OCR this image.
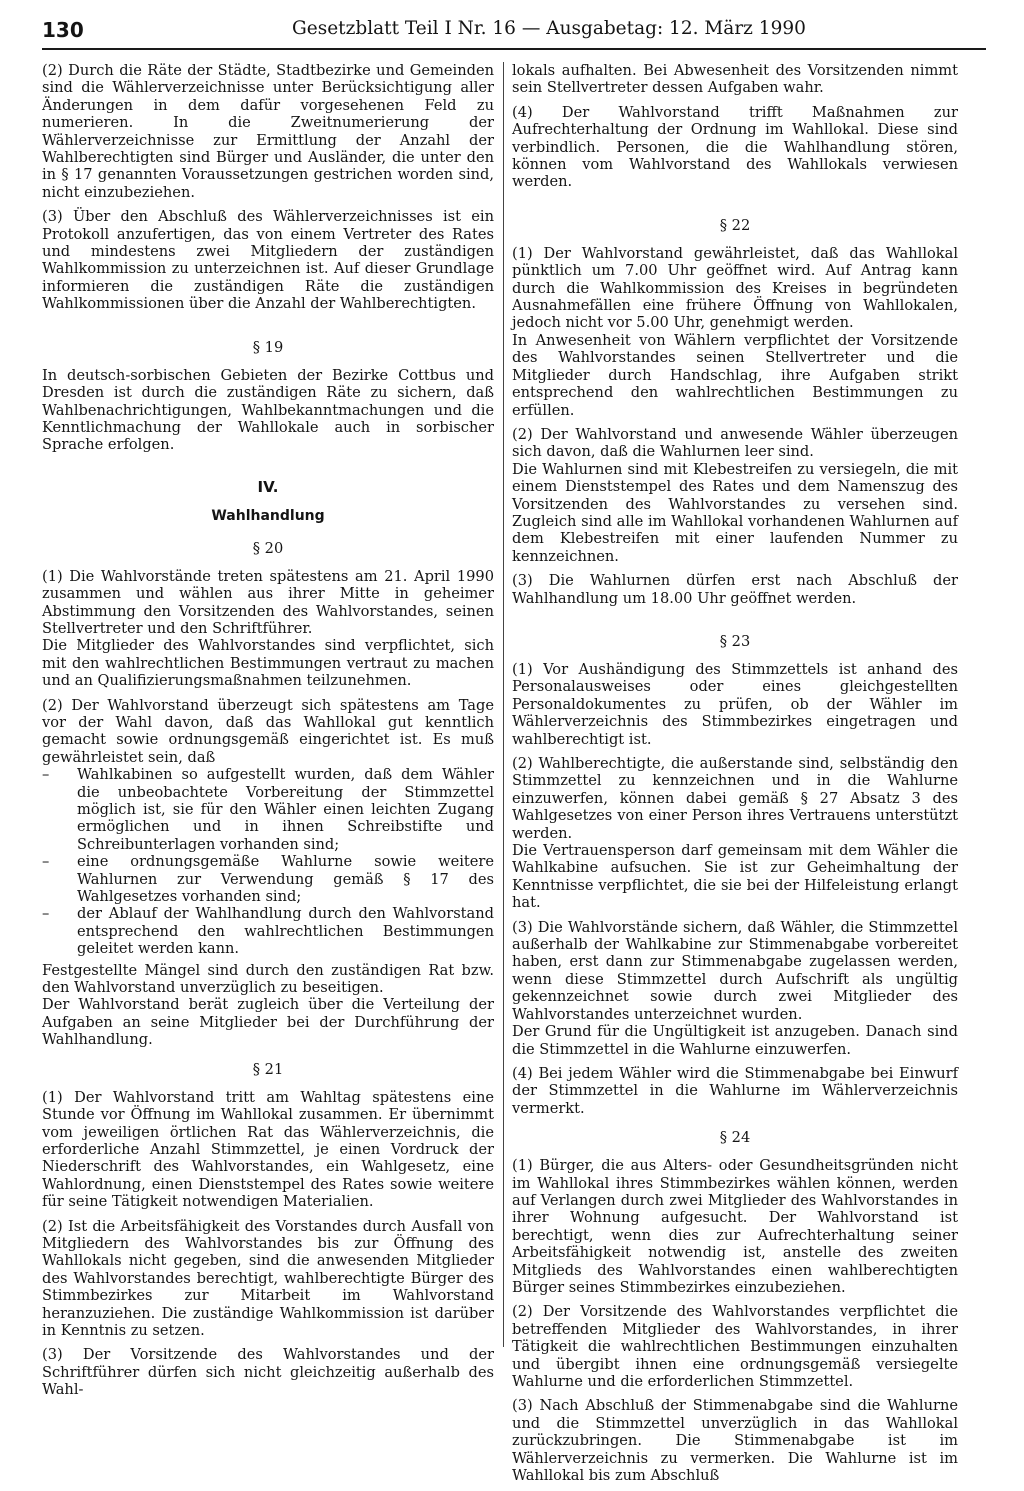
130	Gesetzblatt Teil I Nr. 16 — Ausgabetag: 12. März 1990

(2) Durch die Räte der Städte, Stadtbezirke und Gemeinden sind die Wählerverzeichnisse unter Berücksichtigung aller Änderungen in dem dafür vorgesehenen Feld zu numerieren. In die Zweitnumerierung der Wählerverzeichnisse zur Ermittlung der Anzahl der Wahlberechtigten sind Bürger und Ausländer, die unter den in § 17 genannten Voraussetzungen gestrichen worden sind, nicht einzubeziehen.

(3) Über den Abschluß des Wählerverzeichnisses ist ein Protokoll anzufertigen, das von einem Vertreter des Rates und mindestens zwei Mitgliedern der zuständigen Wahlkommission zu unterzeichnen ist. Auf dieser Grundlage informieren die zuständigen Räte die zuständigen Wahlkommissionen über die Anzahl der Wahlberechtigten.

§ 19

In deutsch-sorbischen Gebieten der Bezirke Cottbus und Dresden ist durch die zuständigen Räte zu sichern, daß Wahlbenachrichtigungen, Wahlbekanntmachungen und die Kenntlichmachung der Wahllokale auch in sorbischer Sprache erfolgen.

IV.
Wahlhandlung
§ 20

(1) Die Wahlvorstände treten spätestens am 21. April 1990 zusammen und wählen aus ihrer Mitte in geheimer Abstimmung den Vorsitzenden des Wahlvorstandes, seinen Stellvertreter und den Schriftführer.

Die Mitglieder des Wahlvorstandes sind verpflichtet, sich mit den wahlrechtlichen Bestimmungen vertraut zu machen und an Qualifizierungsmaßnahmen teilzunehmen.

(2) Der Wahlvorstand überzeugt sich spätestens am Tage vor der Wahl davon, daß das Wahllokal gut kenntlich gemacht sowie ordnungsgemäß eingerichtet ist. Es muß gewährleistet sein, daß

– Wahlkabinen so aufgestellt wurden, daß dem Wähler die unbeobachtete Vorbereitung der Stimmzettel möglich ist, sie für den Wähler einen leichten Zugang ermöglichen und in ihnen Schreibstifte und Schreibunterlagen vorhanden sind;
– eine ordnungsgemäße Wahlurne sowie weitere Wahlurnen zur Verwendung gemäß § 17 des Wahlgesetzes vorhanden sind;
– der Ablauf der Wahlhandlung durch den Wahlvorstand entsprechend den wahlrechtlichen Bestimmungen geleitet werden kann.

Festgestellte Mängel sind durch den zuständigen Rat bzw. den Wahlvorstand unverzüglich zu beseitigen.

Der Wahlvorstand berät zugleich über die Verteilung der Aufgaben an seine Mitglieder bei der Durchführung der Wahlhandlung.

§ 21

(1) Der Wahlvorstand tritt am Wahltag spätestens eine Stunde vor Öffnung im Wahllokal zusammen. Er übernimmt vom jeweiligen örtlichen Rat das Wählerverzeichnis, die erforderliche Anzahl Stimmzettel, je einen Vordruck der Niederschrift des Wahlvorstandes, ein Wahlgesetz, eine Wahlordnung, einen Dienststempel des Rates sowie weitere für seine Tätigkeit notwendigen Materialien.

(2) Ist die Arbeitsfähigkeit des Vorstandes durch Ausfall von Mitgliedern des Wahlvorstandes bis zur Öffnung des Wahllokals nicht gegeben, sind die anwesenden Mitglieder des Wahlvorstandes berechtigt, wahlberechtigte Bürger des Stimmbezirkes zur Mitarbeit im Wahlvorstand heranzuziehen. Die zuständige Wahlkommission ist darüber in Kenntnis zu setzen.

(3) Der Vorsitzende des Wahlvorstandes und der Schriftführer dürfen sich nicht gleichzeitig außerhalb des Wahl-

lokals aufhalten. Bei Abwesenheit des Vorsitzenden nimmt sein Stellvertreter dessen Aufgaben wahr.

(4) Der Wahlvorstand trifft Maßnahmen zur Aufrechterhaltung der Ordnung im Wahllokal. Diese sind verbindlich. Personen, die die Wahlhandlung stören, können vom Wahlvorstand des Wahllokals verwiesen werden.

§ 22

(1) Der Wahlvorstand gewährleistet, daß das Wahllokal pünktlich um 7.00 Uhr geöffnet wird. Auf Antrag kann durch die Wahlkommission des Kreises in begründeten Ausnahmefällen eine frühere Öffnung von Wahllokalen, jedoch nicht vor 5.00 Uhr, genehmigt werden.

In Anwesenheit von Wählern verpflichtet der Vorsitzende des Wahlvorstandes seinen Stellvertreter und die Mitglieder durch Handschlag, ihre Aufgaben strikt entsprechend den wahlrechtlichen Bestimmungen zu erfüllen.

(2) Der Wahlvorstand und anwesende Wähler überzeugen sich davon, daß die Wahlurnen leer sind.

Die Wahlurnen sind mit Klebestreifen zu versiegeln, die mit einem Dienststempel des Rates und dem Namenszug des Vorsitzenden des Wahlvorstandes zu versehen sind. Zugleich sind alle im Wahllokal vorhandenen Wahlurnen auf dem Klebestreifen mit einer laufenden Nummer zu kennzeichnen.

(3) Die Wahlurnen dürfen erst nach Abschluß der Wahlhandlung um 18.00 Uhr geöffnet werden.

§ 23

(1) Vor Aushändigung des Stimmzettels ist anhand des Personalausweises oder eines gleichgestellten Personaldokumentes zu prüfen, ob der Wähler im Wählerverzeichnis des Stimmbezirkes eingetragen und wahlberechtigt ist.

(2) Wahlberechtigte, die außerstande sind, selbständig den Stimmzettel zu kennzeichnen und in die Wahlurne einzuwerfen, können dabei gemäß § 27 Absatz 3 des Wahlgesetzes von einer Person ihres Vertrauens unterstützt werden.

Die Vertrauensperson darf gemeinsam mit dem Wähler die Wahlkabine aufsuchen. Sie ist zur Geheimhaltung der Kenntnisse verpflichtet, die sie bei der Hilfeleistung erlangt hat.

(3) Die Wahlvorstände sichern, daß Wähler, die Stimmzettel außerhalb der Wahlkabine zur Stimmenabgabe vorbereitet haben, erst dann zur Stimmenabgabe zugelassen werden, wenn diese Stimmzettel durch Aufschrift als ungültig gekennzeichnet sowie durch zwei Mitglieder des Wahlvorstandes unterzeichnet wurden.

Der Grund für die Ungültigkeit ist anzugeben. Danach sind die Stimmzettel in die Wahlurne einzuwerfen.

(4) Bei jedem Wähler wird die Stimmenabgabe bei Einwurf der Stimmzettel in die Wahlurne im Wählerverzeichnis vermerkt.

§ 24

(1) Bürger, die aus Alters- oder Gesundheitsgründen nicht im Wahllokal ihres Stimmbezirkes wählen können, werden auf Verlangen durch zwei Mitglieder des Wahlvorstandes in ihrer Wohnung aufgesucht. Der Wahlvorstand ist berechtigt, wenn dies zur Aufrechterhaltung seiner Arbeitsfähigkeit notwendig ist, anstelle des zweiten Mitglieds des Wahlvorstandes einen wahlberechtigten Bürger seines Stimmbezirkes einzubeziehen.

(2) Der Vorsitzende des Wahlvorstandes verpflichtet die betreffenden Mitglieder des Wahlvorstandes, in ihrer Tätigkeit die wahlrechtlichen Bestimmungen einzuhalten und übergibt ihnen eine ordnungsgemäß versiegelte Wahlurne und die erforderlichen Stimmzettel.

(3) Nach Abschluß der Stimmenabgabe sind die Wahlurne und die Stimmzettel unverzüglich in das Wahllokal zurückzubringen. Die Stimmenabgabe ist im Wählerverzeichnis zu vermerken. Die Wahlurne ist im Wahllokal bis zum Abschluß
